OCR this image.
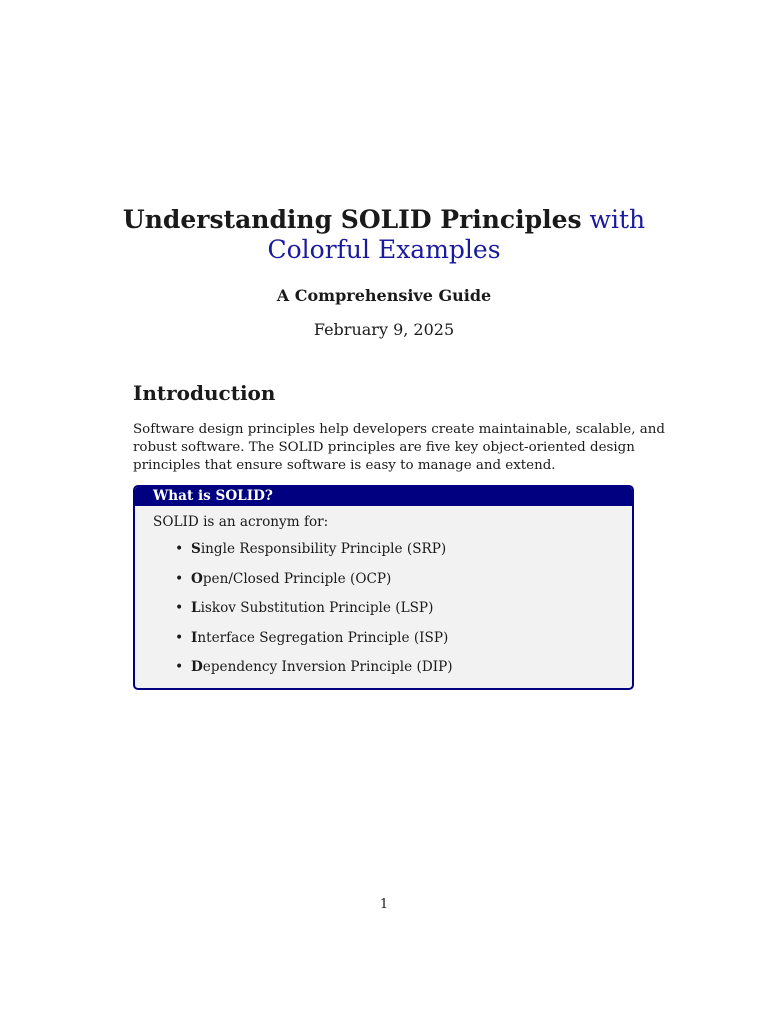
Understanding SOLID Principles with
Colorful Examples

A Comprehensive Guide

February 9, 2025

Introduction

Software design principles help developers create maintainable, scalable, and
robust software. The SOLID principles are five key object-oriented design
principles that ensure software is easy to manage and extend.

What is SOLID?

SOLID is an acronym for:

• Single Responsibility Principle (SRP)
• Open/Closed Principle (OCP)
• Liskov Substitution Principle (LSP)
• Interface Segregation Principle (ISP)
• Dependency Inversion Principle (DIP)

1
